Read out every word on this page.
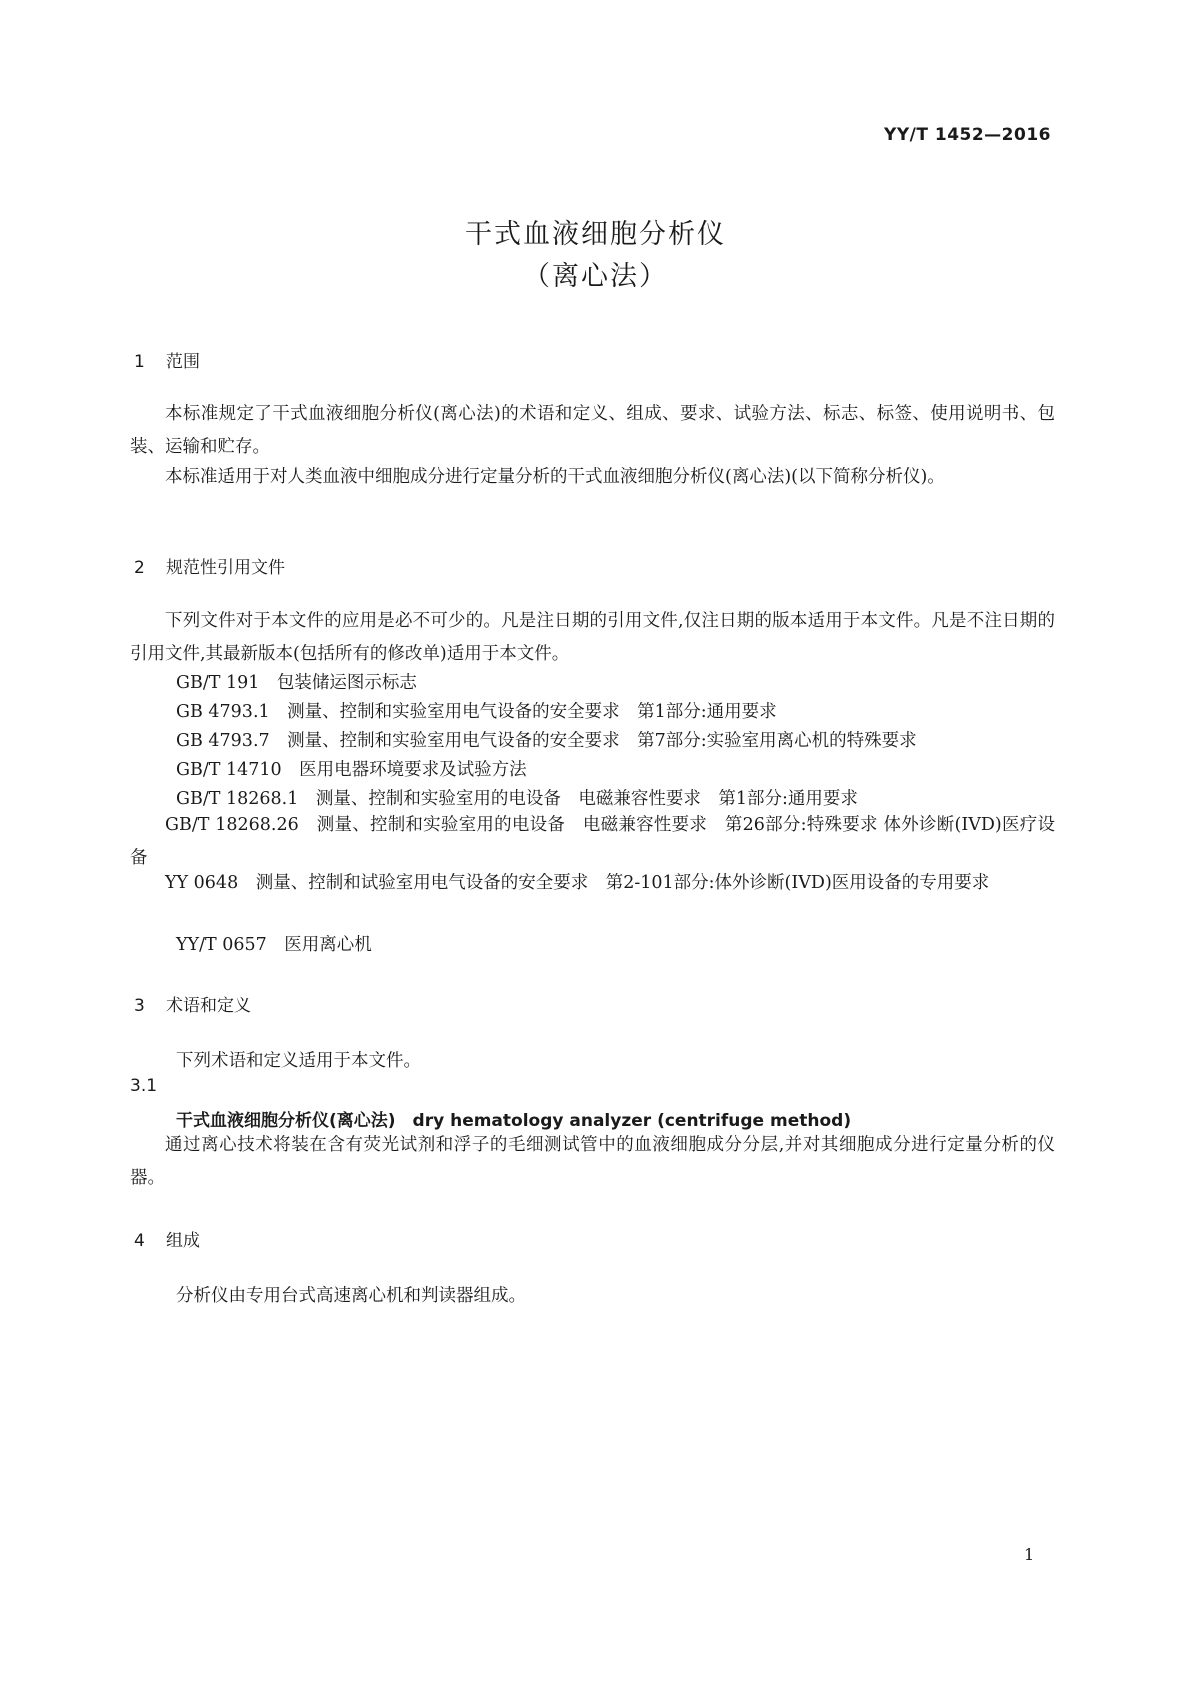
YY/T 1452—2016
干式血液细胞分析仪
（离心法）
1 范围
本标准规定了干式血液细胞分析仪(离心法)的术语和定义、组成、要求、试验方法、标志、标签、使用说明书、包装、运输和贮存。
本标准适用于对人类血液中细胞成分进行定量分析的干式血液细胞分析仪(离心法)(以下简称分析仪)。
2 规范性引用文件
下列文件对于本文件的应用是必不可少的。凡是注日期的引用文件,仅注日期的版本适用于本文件。凡是不注日期的引用文件,其最新版本(包括所有的修改单)适用于本文件。
GB/T 191　包装储运图示标志
GB 4793.1　测量、控制和实验室用电气设备的安全要求　第1部分:通用要求
GB 4793.7　测量、控制和实验室用电气设备的安全要求　第7部分:实验室用离心机的特殊要求
GB/T 14710　医用电器环境要求及试验方法
GB/T 18268.1　测量、控制和实验室用的电设备　电磁兼容性要求　第1部分:通用要求
GB/T 18268.26　测量、控制和实验室用的电设备　电磁兼容性要求　第26部分:特殊要求 体外诊断(IVD)医疗设备
YY 0648　测量、控制和试验室用电气设备的安全要求　第2-101部分:体外诊断(IVD)医用设备的专用要求
YY/T 0657　医用离心机
3 术语和定义
下列术语和定义适用于本文件。
3.1
干式血液细胞分析仪(离心法)　dry hematology analyzer (centrifuge method)
通过离心技术将装在含有荧光试剂和浮子的毛细测试管中的血液细胞成分分层,并对其细胞成分进行定量分析的仪器。
4 组成
分析仪由专用台式高速离心机和判读器组成。
1
